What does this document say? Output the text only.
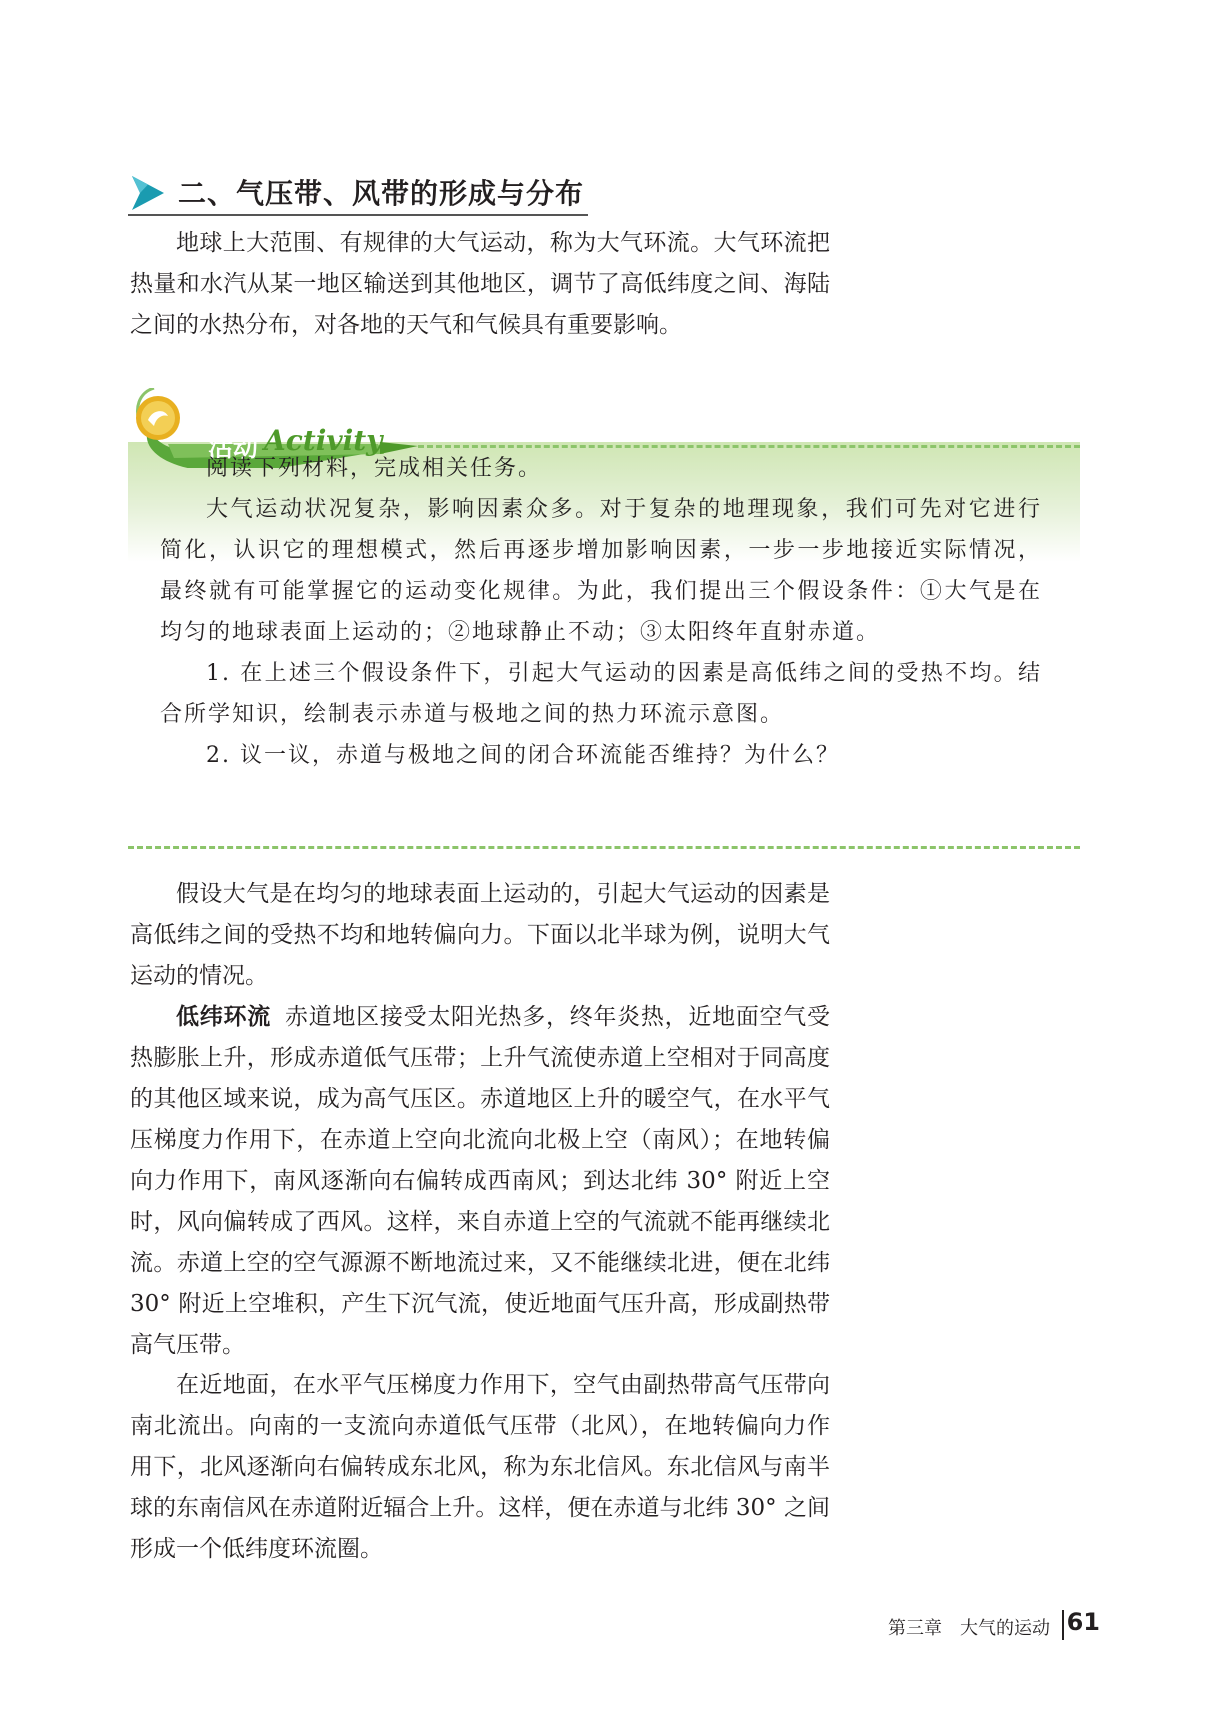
二、气压带、风带的形成与分布

地球上大范围、有规律的大气运动，称为大气环流。大气环流把热量和水汽从某一地区输送到其他地区，调节了高低纬度之间、海陆之间的水热分布，对各地的天气和气候具有重要影响。

活动 Activity

阅读下列材料，完成相关任务。

大气运动状况复杂，影响因素众多。对于复杂的地理现象，我们可先对它进行简化，认识它的理想模式，然后再逐步增加影响因素，一步一步地接近实际情况，最终就有可能掌握它的运动变化规律。为此，我们提出三个假设条件：①大气是在均匀的地球表面上运动的；②地球静止不动；③太阳终年直射赤道。

1. 在上述三个假设条件下，引起大气运动的因素是高低纬之间的受热不均。结合所学知识，绘制表示赤道与极地之间的热力环流示意图。

2. 议一议，赤道与极地之间的闭合环流能否维持？为什么？

假设大气是在均匀的地球表面上运动的，引起大气运动的因素是高低纬之间的受热不均和地转偏向力。下面以北半球为例，说明大气运动的情况。

低纬环流 赤道地区接受太阳光热多，终年炎热，近地面空气受热膨胀上升，形成赤道低气压带；上升气流使赤道上空相对于同高度的其他区域来说，成为高气压区。赤道地区上升的暖空气，在水平气压梯度力作用下，在赤道上空向北流向北极上空（南风）；在地转偏向力作用下，南风逐渐向右偏转成西南风；到达北纬 30° 附近上空时，风向偏转成了西风。这样，来自赤道上空的气流就不能再继续北流。赤道上空的空气源源不断地流过来，又不能继续北进，便在北纬 30° 附近上空堆积，产生下沉气流，使近地面气压升高，形成副热带高气压带。

在近地面，在水平气压梯度力作用下，空气由副热带高气压带向南北流出。向南的一支流向赤道低气压带（北风），在地转偏向力作用下，北风逐渐向右偏转成东北风，称为东北信风。东北信风与南半球的东南信风在赤道附近辐合上升。这样，便在赤道与北纬 30° 之间形成一个低纬度环流圈。

第三章　大气的运动 61
